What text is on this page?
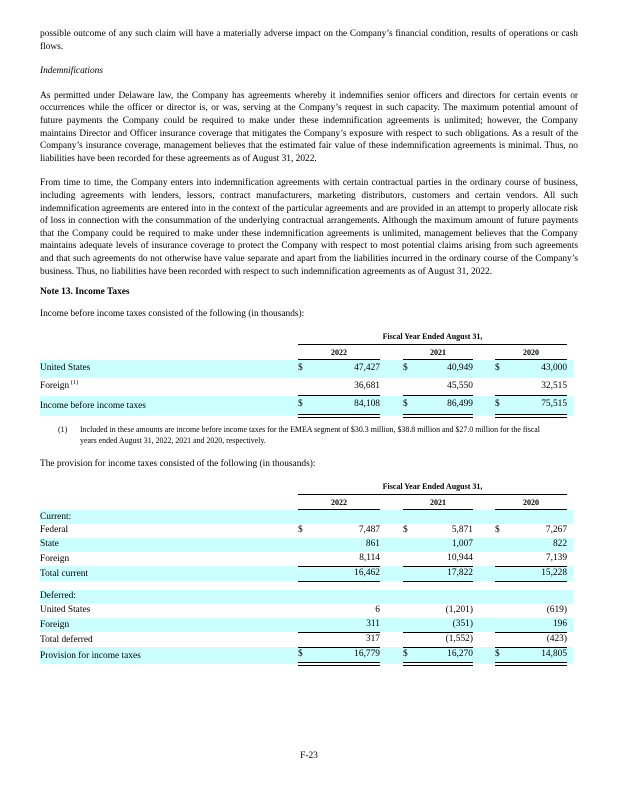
possible outcome of any such claim will have a materially adverse impact on the Company’s financial condition, results of operations or cash flows.

Indemnifications

As permitted under Delaware law, the Company has agreements whereby it indemnifies senior officers and directors for certain events or occurrences while the officer or director is, or was, serving at the Company’s request in such capacity. The maximum potential amount of future payments the Company could be required to make under these indemnification agreements is unlimited; however, the Company maintains Director and Officer insurance coverage that mitigates the Company’s exposure with respect to such obligations. As a result of the Company’s insurance coverage, management believes that the estimated fair value of these indemnification agreements is minimal. Thus, no liabilities have been recorded for these agreements as of August 31, 2022.

From time to time, the Company enters into indemnification agreements with certain contractual parties in the ordinary course of business, including agreements with lenders, lessors, contract manufacturers, marketing distributors, customers and certain vendors. All such indemnification agreements are entered into in the context of the particular agreements and are provided in an attempt to properly allocate risk of loss in connection with the consummation of the underlying contractual arrangements. Although the maximum amount of future payments that the Company could be required to make under these indemnification agreements is unlimited, management believes that the Company maintains adequate levels of insurance coverage to protect the Company with respect to most potential claims arising from such agreements and that such agreements do not otherwise have value separate and apart from the liabilities incurred in the ordinary course of the Company’s business. Thus, no liabilities have been recorded with respect to such indemnification agreements as of August 31, 2022.

Note 13. Income Taxes

Income before income taxes consisted of the following (in thousands):

	Fiscal Year Ended August 31,								
	2022			2021			2020		
United States	$	47,427		$	40,949		$	43,000	
Foreign $^{(1)}$		36,681			45,550			32,515	
Income before income taxes	$	84,108		$	86,499		$	75,515	
(1)	Included in these amounts are income before income taxes for the EMEA segment of $30.3 million, $38.8 million and $27.0 million for the fiscal years ended August 31, 2022, 2021 and 2020, respectively.

The provision for income taxes consisted of the following (in thousands):

	Fiscal Year Ended August 31,								
	2022			2021			2020		
Current:									
Federal	$	7,487		$	5,871		$	7,267	
State		861			1,007			822	
Foreign		8,114			10,944			7,139	
Total current		16,462			17,822			15,228	

Deferred:									
United States		6			(1,201)			(619)	
Foreign		311			(351)			196	
Total deferred		317			(1,552)			(423)	
Provision for income taxes	$	16,779		$	16,270		$	14,805	
F-23
